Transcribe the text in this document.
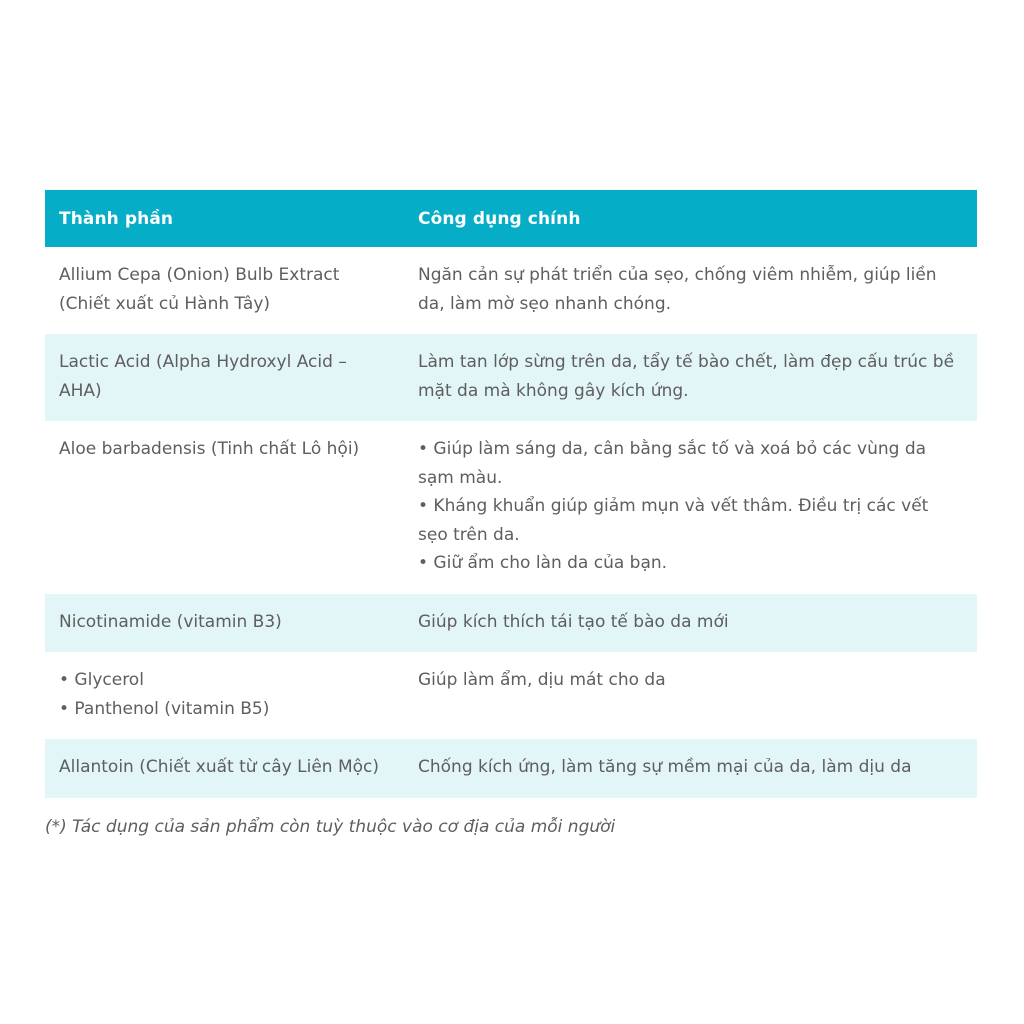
Thành phần	Công dụng chính

Allium Cepa (Onion) Bulb Extract (Chiết xuất củ Hành Tây)	Ngăn cản sự phát triển của sẹo, chống viêm nhiễm, giúp liền da, làm mờ sẹo nhanh chóng.

Lactic Acid (Alpha Hydroxyl Acid – AHA)	Làm tan lớp sừng trên da, tẩy tế bào chết, làm đẹp cấu trúc bề mặt da mà không gây kích ứng.

Aloe barbadensis (Tinh chất Lô hội)	• Giúp làm sáng da, cân bằng sắc tố và xoá bỏ các vùng da sạm màu.
• Kháng khuẩn giúp giảm mụn và vết thâm. Điều trị các vết sẹo trên da.
• Giữ ẩm cho làn da của bạn.

Nicotinamide (vitamin B3)	Giúp kích thích tái tạo tế bào da mới

• Glycerol
• Panthenol (vitamin B5)	Giúp làm ẩm, dịu mát cho da

Allantoin (Chiết xuất từ cây Liên Mộc)	Chống kích ứng, làm tăng sự mềm mại của da, làm dịu da
(*) Tác dụng của sản phẩm còn tuỳ thuộc vào cơ địa của mỗi người
